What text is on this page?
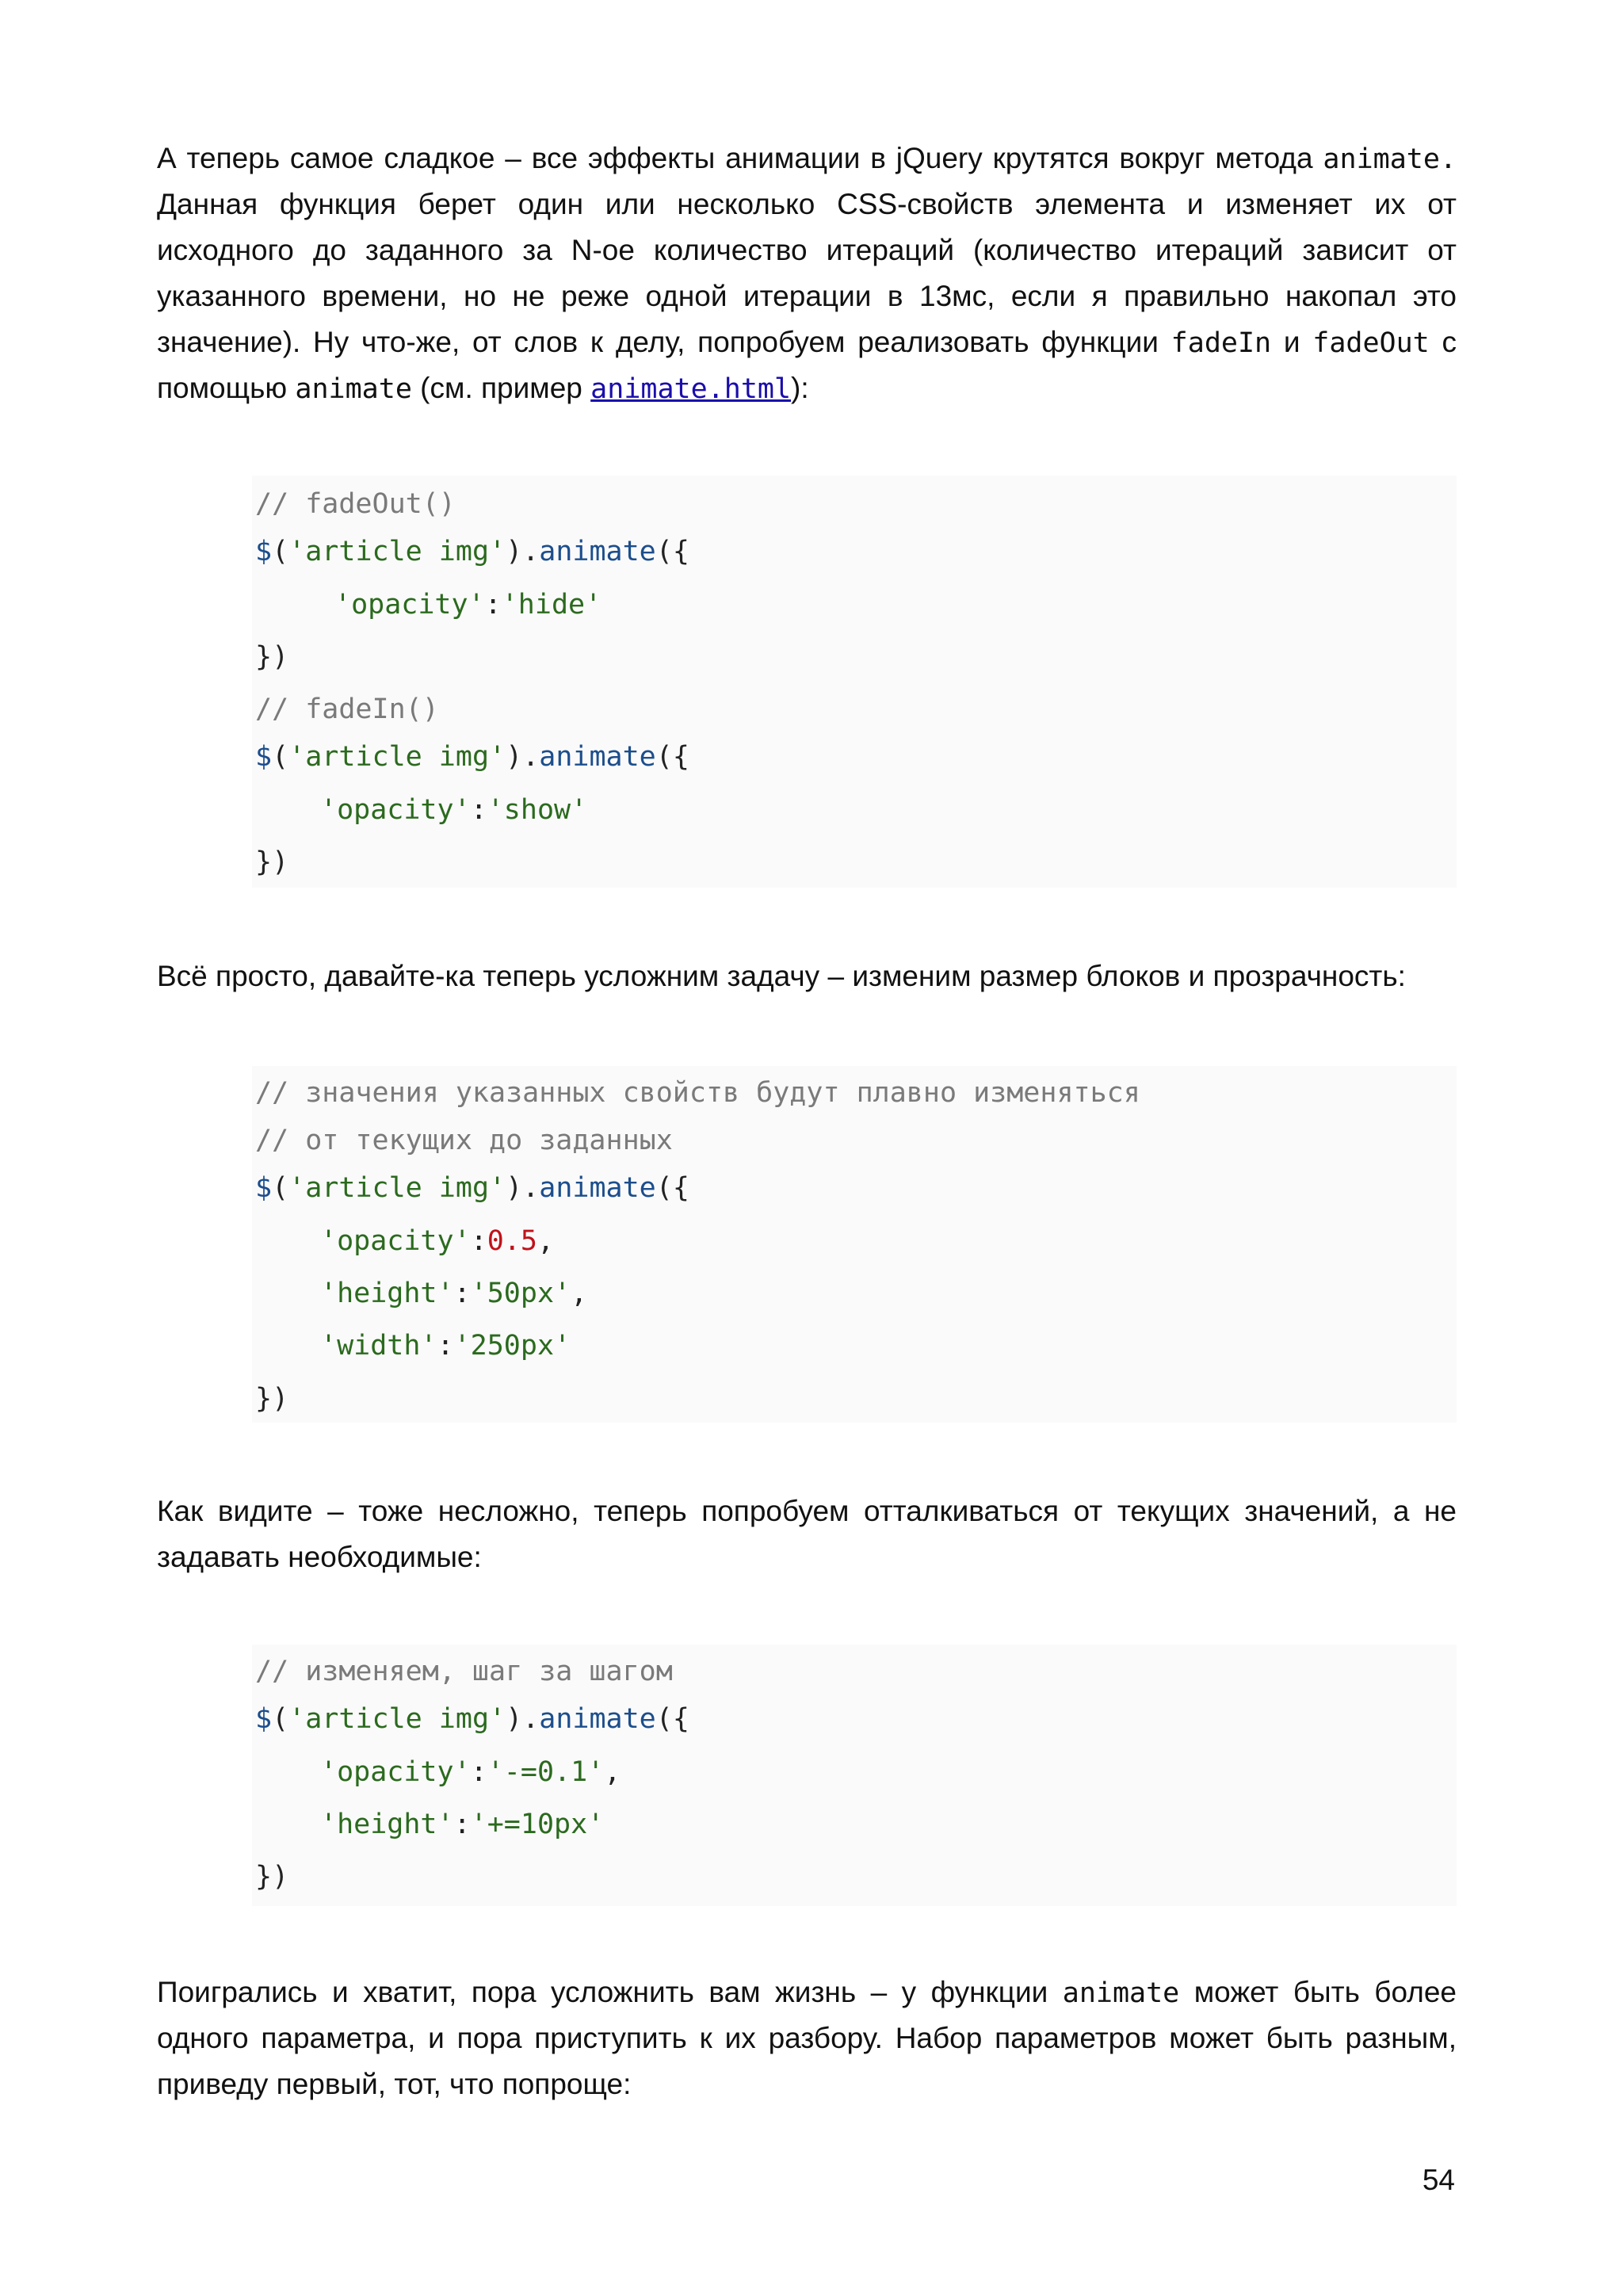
А теперь самое сладкое – все эффекты анимации в jQuery крутятся вокруг метода animate.
Данная функция берет один или несколько CSS-свойств элемента и изменяет их от
исходного до заданного за N-ое количество итераций (количество итераций зависит от
указанного времени, но не реже одной итерации в 13мс, если я правильно накопал это
значение). Ну что-же, от слов к делу, попробуем реализовать функции fadeIn и fadeOut с
помощью animate (см. пример animate.html):

// fadeOut()

$('article img').animate({

'opacity':'hide'

})

// fadeIn()

$('article img').animate({

'opacity':'show'

})

Всё просто, давайте-ка теперь усложним задачу – изменим размер блоков и прозрачность:

// значения указанных свойств будут плавно изменяться

// от текущих до заданных

$('article img').animate({

'opacity':0.5,

'height':'50px',

'width':'250px'

})

Как видите – тоже несложно, теперь попробуем отталкиваться от текущих значений, а не
задавать необходимые:

// изменяем, шаг за шагом

$('article img').animate({

'opacity':'-=0.1',

'height':'+=10px'

})

Поигрались и хватит, пора усложнить вам жизнь – у функции animate может быть более
одного параметра, и пора приступить к их разбору. Набор параметров может быть разным,
приведу первый, тот, что попроще:
54
